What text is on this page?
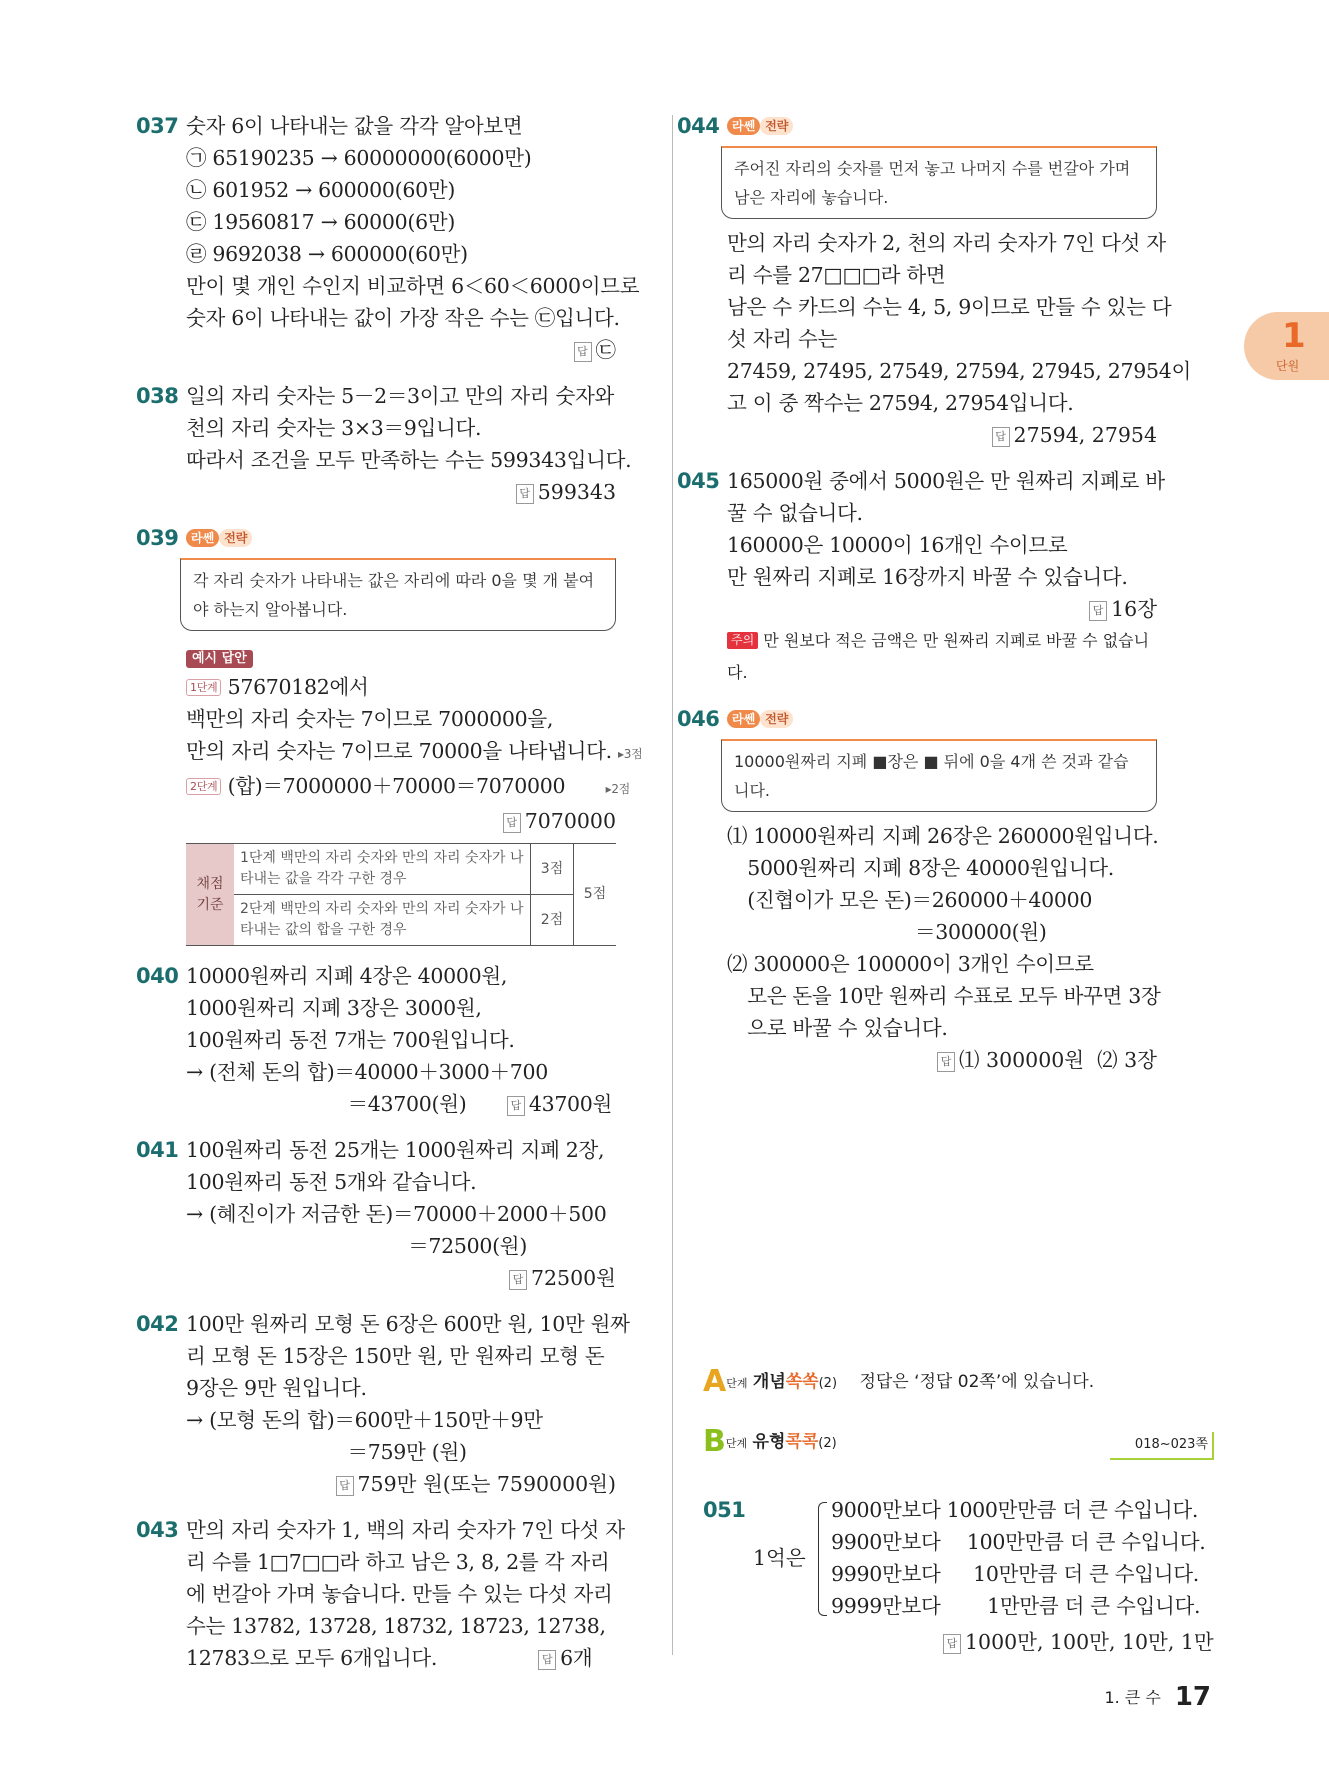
1
단원
037 숫자 6이 나타내는 값을 각각 알아보면
㉠ 65190235 → 60000000(6000만)
㉡ 601952 → 600000(60만)
㉢ 19560817 → 60000(6만)
㉣ 9692038 → 600000(60만)
만이 몇 개인 수인지 비교하면 6＜60＜6000이므로
숫자 6이 나타내는 값이 가장 작은 수는 ㉢입니다.
답 ㉢
038 일의 자리 숫자는 5－2＝3이고 만의 자리 숫자와
천의 자리 숫자는 3×3＝9입니다.
따라서 조건을 모두 만족하는 수는 599343입니다.
답 599343
039	라쎈 전략
각 자리 숫자가 나타내는 값은 자리에 따라 0을 몇 개 붙여
야 하는지 알아봅니다.
예시 답안
1단계 57670182에서
백만의 자리 숫자는 7이므로 7000000을,
만의 자리 숫자는 7이므로 70000을 나타냅니다. ▸3점
2단계 (합)＝7000000＋70000＝7070000　　	▸2점
답 7070000
채점 기준	1단계 백만의 자리 숫자와 만의 자리 숫자가 나타내는 값을 각각 구한 경우	3점	5점
	2단계 백만의 자리 숫자와 만의 자리 숫자가 나타내는 값의 합을 구한 경우	2점	
040 10000원짜리 지폐 4장은 40000원,
1000원짜리 지폐 3장은 3000원,
100원짜리 동전 7개는 700원입니다.
→ (전체 돈의 합)＝40000＋3000＋700
　　　　　　　　＝43700(원)　　	답 43700원
041 100원짜리 동전 25개는 1000원짜리 지폐 2장,
100원짜리 동전 5개와 같습니다.
→ (혜진이가 저금한 돈)＝70000＋2000＋500
　　　　　　　　　　　＝72500(원)
답 72500원
042 100만 원짜리 모형 돈 6장은 600만 원, 10만 원짜
리 모형 돈 15장은 150만 원, 만 원짜리 모형 돈
9장은 9만 원입니다.
→ (모형 돈의 합)＝600만＋150만＋9만
　　　　　　　　＝759만 (원)
답 759만 원(또는 7590000원)
043 만의 자리 숫자가 1, 백의 자리 숫자가 7인 다섯 자
리 수를 1□7□□라 하고 남은 3, 8, 2를 각 자리
에 번갈아 가며 놓습니다. 만들 수 있는 다섯 자리
수는 13782, 13728, 18732, 18723, 12738,
12783으로 모두 6개입니다.　　　　　	답 6개
044	라쎈 전략
주어진 자리의 숫자를 먼저 놓고 나머지 수를 번갈아 가며
남은 자리에 놓습니다.
만의 자리 숫자가 2, 천의 자리 숫자가 7인 다섯 자
리 수를 27□□□라 하면
남은 수 카드의 수는 4, 5, 9이므로 만들 수 있는 다
섯 자리 수는
27459, 27495, 27549, 27594, 27945, 27954이
고 이 중 짝수는 27594, 27954입니다.
답 27594, 27954
045 165000원 중에서 5000원은 만 원짜리 지폐로 바
꿀 수 없습니다.
160000은 10000이 16개인 수이므로
만 원짜리 지폐로 16장까지 바꿀 수 있습니다.
답 16장
주의 만 원보다 적은 금액은 만 원짜리 지폐로 바꿀 수 없습니다.
046	라쎈 전략
10000원짜리 지폐 ■장은 ■ 뒤에 0을 4개 쓴 것과 같습
니다.
⑴ 10000원짜리 지폐 26장은 260000원입니다.
　5000원짜리 지폐 8장은 40000원입니다.
　(진협이가 모은 돈)＝260000＋40000
　　　　　　　　　 ＝300000(원)
⑵ 300000은 100000이 3개인 수이므로
　모은 돈을 10만 원짜리 수표로 모두 바꾸면 3장
　으로 바꿀 수 있습니다.
답 ⑴ 300000원  ⑵ 3장
A단계 개념쏙쏙(2) 　 정답은 ‘정답 02쪽’에 있습니다.
B단계 유형콕콕(2)	018~023쪽
051
1억은
9000만보다 1000만만큼 더 큰 수입니다.
9900만보다 　100만만큼 더 큰 수입니다.
9990만보다 　 10만만큼 더 큰 수입니다.
9999만보다 　　1만만큼 더 큰 수입니다.
답 1000만, 100만, 10만, 1만
1. 큰 수 17
